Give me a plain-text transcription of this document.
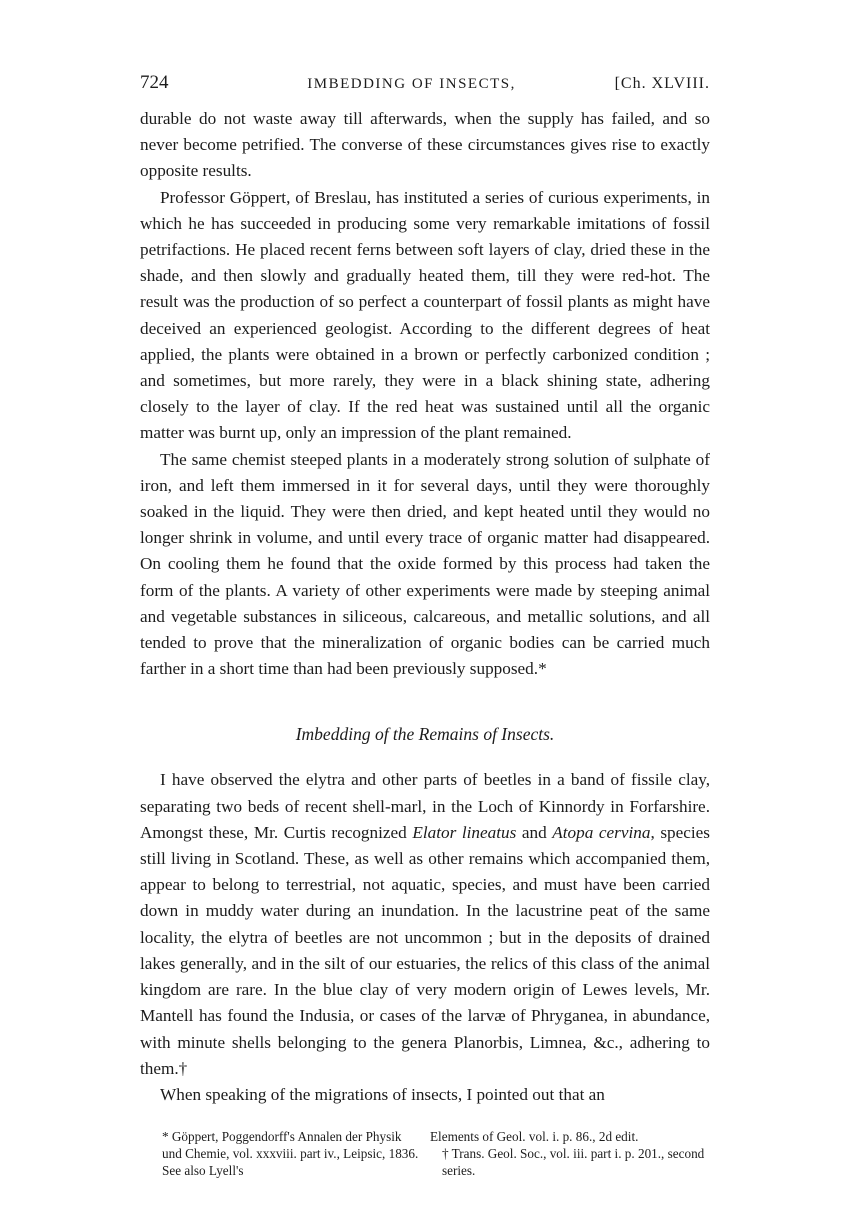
724	IMBEDDING OF INSECTS,	[Ch. XLVIII.

durable do not waste away till afterwards, when the supply has failed, and so never become petrified. The converse of these circumstances gives rise to exactly opposite results.

Professor Göppert, of Breslau, has instituted a series of curious experiments, in which he has succeeded in producing some very remarkable imitations of fossil petrifactions. He placed recent ferns between soft layers of clay, dried these in the shade, and then slowly and gradually heated them, till they were red-hot. The result was the production of so perfect a counterpart of fossil plants as might have deceived an experienced geologist. According to the different degrees of heat applied, the plants were obtained in a brown or perfectly carbonized condition ; and sometimes, but more rarely, they were in a black shining state, adhering closely to the layer of clay. If the red heat was sustained until all the organic matter was burnt up, only an impression of the plant remained.

The same chemist steeped plants in a moderately strong solution of sulphate of iron, and left them immersed in it for several days, until they were thoroughly soaked in the liquid. They were then dried, and kept heated until they would no longer shrink in volume, and until every trace of organic matter had disappeared. On cooling them he found that the oxide formed by this process had taken the form of the plants. A variety of other experiments were made by steeping animal and vegetable substances in siliceous, calcareous, and metallic solutions, and all tended to prove that the mineralization of organic bodies can be carried much farther in a short time than had been previously supposed.*

Imbedding of the Remains of Insects.

I have observed the elytra and other parts of beetles in a band of fissile clay, separating two beds of recent shell-marl, in the Loch of Kinnordy in Forfarshire. Amongst these, Mr. Curtis recognized Elator lineatus and Atopa cervina, species still living in Scotland. These, as well as other remains which accompanied them, appear to belong to terrestrial, not aquatic, species, and must have been carried down in muddy water during an inundation. In the lacustrine peat of the same locality, the elytra of beetles are not uncommon ; but in the deposits of drained lakes generally, and in the silt of our estuaries, the relics of this class of the animal kingdom are rare. In the blue clay of very modern origin of Lewes levels, Mr. Mantell has found the Indusia, or cases of the larvæ of Phryganea, in abundance, with minute shells belonging to the genera Planorbis, Limnea, &c., adhering to them.†

When speaking of the migrations of insects, I pointed out that an

* Göppert, Poggendorff's Annalen der Physik und Chemie, vol. xxxviii. part iv., Leipsic, 1836. See also Lyell's

Elements of Geol. vol. i. p. 86., 2d edit.

† Trans. Geol. Soc., vol. iii. part i. p. 201., second series.
